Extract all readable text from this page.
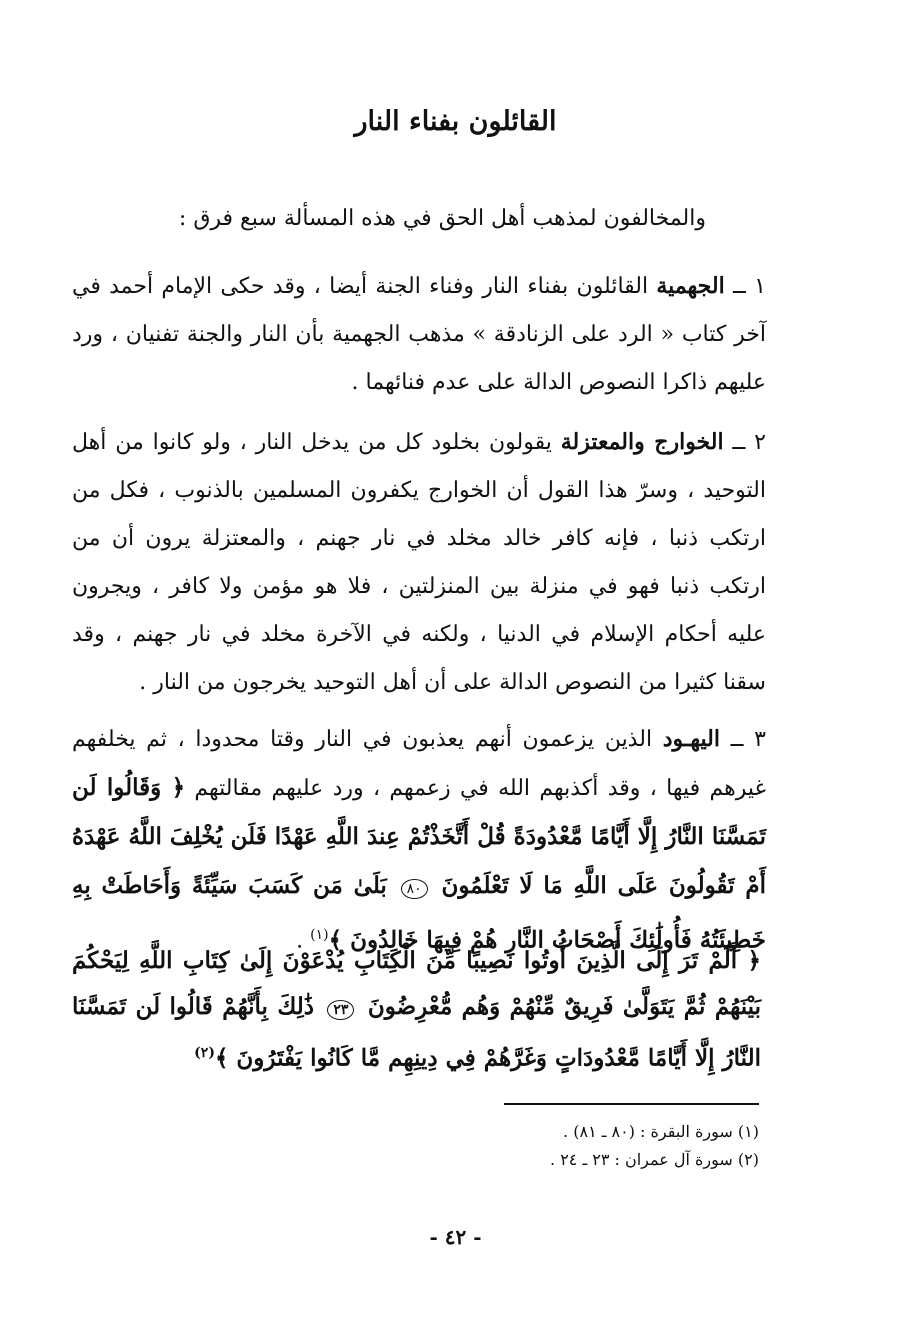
القائلون بفناء النار
والمخالفون لمذهب أهل الحق في هذه المسألة سبع فرق :
١ ــ الجهمية القائلون بفناء النار وفناء الجنة أيضا ، وقد حكى الإمام أحمد في آخر كتاب « الرد على الزنادقة » مذهب الجهمية بأن النار والجنة تفنيان ، ورد عليهم ذاكرا النصوص الدالة على عدم فنائهما .
٢ ــ الخوارج والمعتزلة يقولون بخلود كل من يدخل النار ، ولو كانوا من أهل التوحيد ، وسرّ هذا القول أن الخوارج يكفرون المسلمين بالذنوب ، فكل من ارتكب ذنبا ، فإنه كافر خالد مخلد في نار جهنم ، والمعتزلة يرون أن من ارتكب ذنبا فهو في منزلة بين المنزلتين ، فلا هو مؤمن ولا كافر ، ويجرون عليه أحكام الإسلام في الدنيا ، ولكنه في الآخرة مخلد في نار جهنم ، وقد سقنا كثيرا من النصوص الدالة على أن أهل التوحيد يخرجون من النار .
٣ ــ اليهـود الذين يزعمون أنهم يعذبون في النار وقتا محدودا ، ثم يخلفهم غيرهم فيها ، وقد أكذبهم الله في زعمهم ، ورد عليهم مقالتهم ﴿ وَقَالُوا لَن تَمَسَّنَا النَّارُ إِلَّا أَيَّامًا مَّعْدُودَةً قُلْ أَتَّخَذْتُمْ عِندَ اللَّهِ عَهْدًا فَلَن يُخْلِفَ اللَّهُ عَهْدَهُ أَمْ تَقُولُونَ عَلَى اللَّهِ مَا لَا تَعْلَمُونَ ٨٠ بَلَىٰ مَن كَسَبَ سَيِّئَةً وَأَحَاطَتْ بِهِ خَطِيئَتُهُ فَأُولَٰئِكَ أَصْحَابُ النَّارِ هُمْ فِيهَا خَالِدُونَ ﴾$^{(١)}$ .
﴿ أَلَمْ تَرَ إِلَى الَّذِينَ أُوتُوا نَصِيبًا مِّنَ الْكِتَابِ يُدْعَوْنَ إِلَىٰ كِتَابِ اللَّهِ لِيَحْكُمَ بَيْنَهُمْ ثُمَّ يَتَوَلَّىٰ فَرِيقٌ مِّنْهُمْ وَهُم مُّعْرِضُونَ ٢٣ ذَٰلِكَ بِأَنَّهُمْ قَالُوا لَن تَمَسَّنَا النَّارُ إِلَّا أَيَّامًا مَّعْدُودَاتٍ وَغَرَّهُمْ فِي دِينِهِم مَّا كَانُوا يَفْتَرُونَ ﴾$^{(٢)}$
(١) سورة البقرة : (٨٠ ـ ٨١) .
(٢) سورة آل عمران : ٢٣ ـ ٢٤ .
- ٤٢ -
